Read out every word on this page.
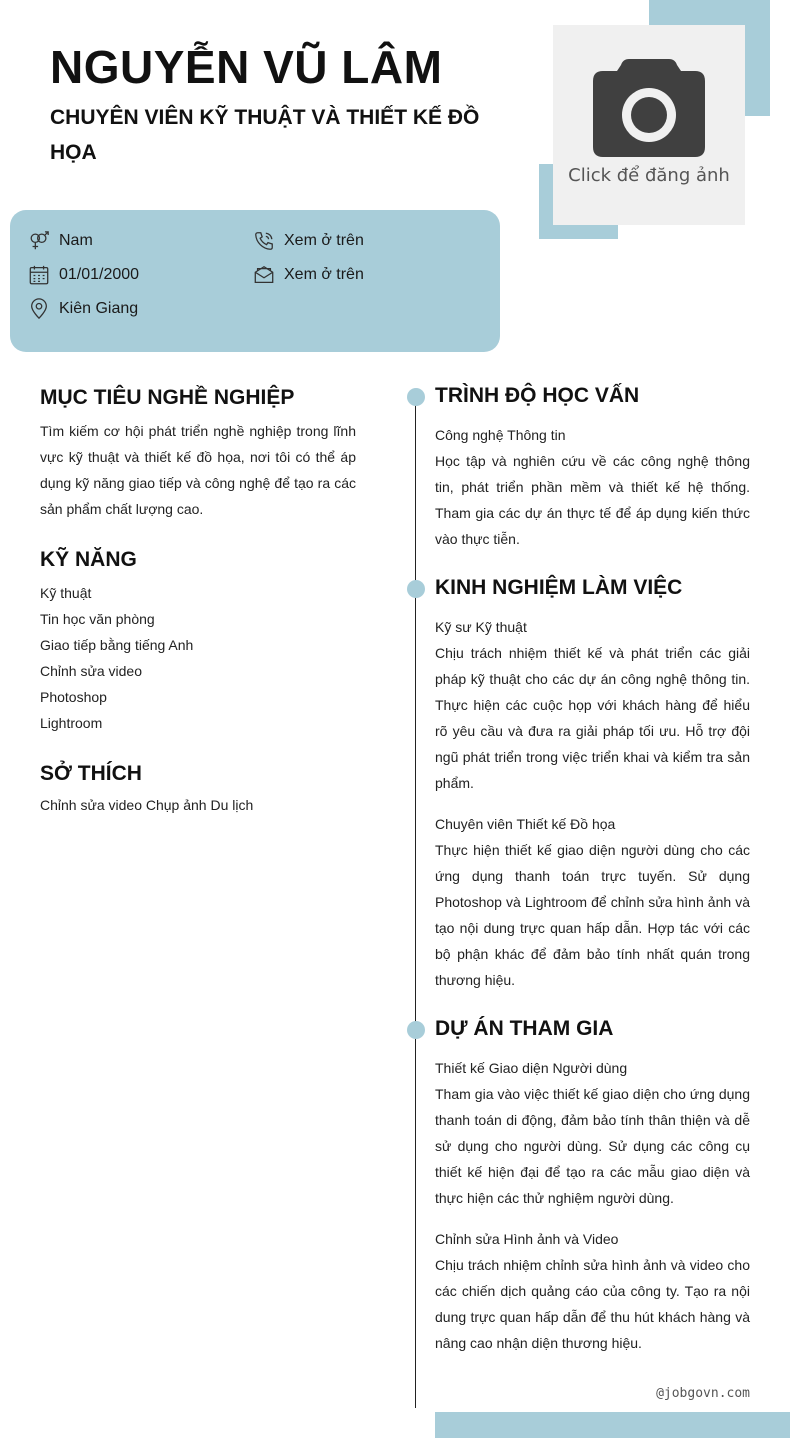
Click để đăng ảnh
NGUYỄN VŨ LÂM
CHUYÊN VIÊN KỸ THUẬT VÀ THIẾT KẾ ĐỒ HỌA
Nam
01/01/2000
Kiên Giang
Xem ở trên
Xem ở trên
MỤC TIÊU NGHỀ NGHIỆP

Tìm kiếm cơ hội phát triển nghề nghiệp trong lĩnh vực kỹ thuật và thiết kế đồ họa, nơi tôi có thể áp dụng kỹ năng giao tiếp và công nghệ để tạo ra các sản phẩm chất lượng cao.

KỸ NĂNG
Kỹ thuật
Tin học văn phòng
Giao tiếp bằng tiếng Anh
Chỉnh sửa video
Photoshop
Lightroom
SỞ THÍCH

Chỉnh sửa video Chụp ảnh Du lịch

TRÌNH ĐỘ HỌC VẤN

Công nghệ Thông tin

Học tập và nghiên cứu về các công nghệ thông tin, phát triển phần mềm và thiết kế hệ thống. Tham gia các dự án thực tế để áp dụng kiến thức vào thực tiễn.

KINH NGHIỆM LÀM VIỆC

Kỹ sư Kỹ thuật

Chịu trách nhiệm thiết kế và phát triển các giải pháp kỹ thuật cho các dự án công nghệ thông tin. Thực hiện các cuộc họp với khách hàng để hiểu rõ yêu cầu và đưa ra giải pháp tối ưu. Hỗ trợ đội ngũ phát triển trong việc triển khai và kiểm tra sản phẩm.

Chuyên viên Thiết kế Đồ họa

Thực hiện thiết kế giao diện người dùng cho các ứng dụng thanh toán trực tuyến. Sử dụng Photoshop và Lightroom để chỉnh sửa hình ảnh và tạo nội dung trực quan hấp dẫn. Hợp tác với các bộ phận khác để đảm bảo tính nhất quán trong thương hiệu.

DỰ ÁN THAM GIA

Thiết kế Giao diện Người dùng

Tham gia vào việc thiết kế giao diện cho ứng dụng thanh toán di động, đảm bảo tính thân thiện và dễ sử dụng cho người dùng. Sử dụng các công cụ thiết kế hiện đại để tạo ra các mẫu giao diện và thực hiện các thử nghiệm người dùng.

Chỉnh sửa Hình ảnh và Video

Chịu trách nhiệm chỉnh sửa hình ảnh và video cho các chiến dịch quảng cáo của công ty. Tạo ra nội dung trực quan hấp dẫn để thu hút khách hàng và nâng cao nhận diện thương hiệu.

@jobgovn.com
